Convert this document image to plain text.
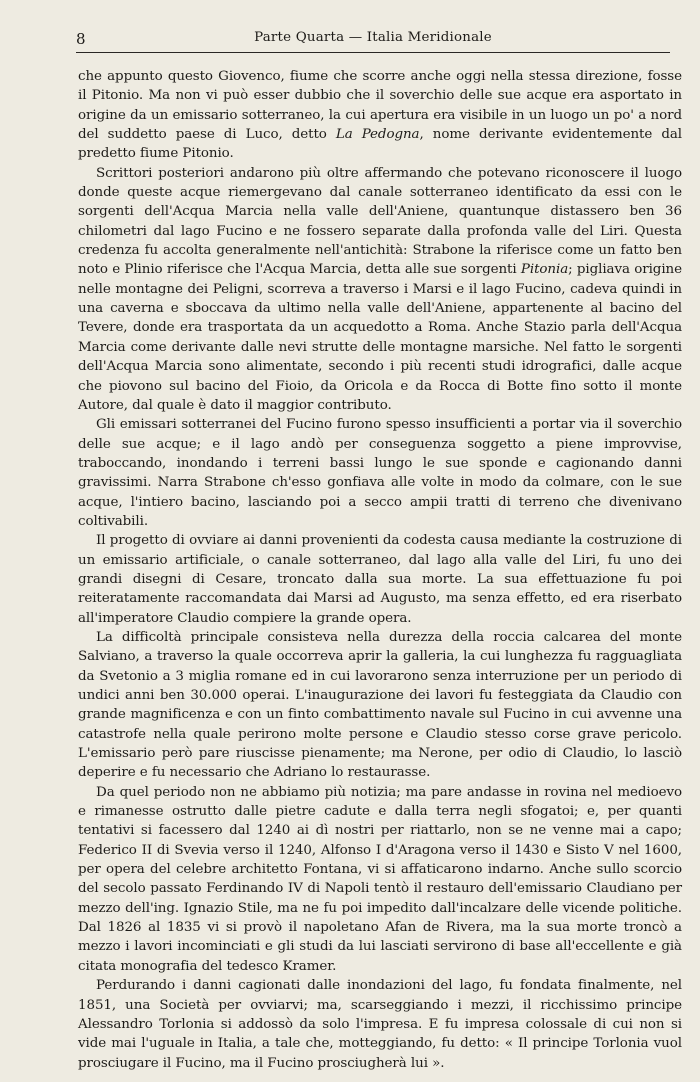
8	Parte Quarta — Italia Meridionale

che appunto questo Giovenco, fiume che scorre anche oggi nella stessa direzione, fosse il Pitonio. Ma non vi può esser dubbio che il soverchio delle sue acque era asportato in origine da un emissario sotterraneo, la cui apertura era visibile in un luogo un po' a nord del suddetto paese di Luco, detto La Pedogna, nome derivante evidentemente dal predetto fiume Pitonio.

Scrittori posteriori andarono più oltre affermando che potevano riconoscere il luogo donde queste acque riemergevano dal canale sotterraneo identificato da essi con le sorgenti dell'Acqua Marcia nella valle dell'Aniene, quantunque distassero ben 36 chilometri dal lago Fucino e ne fossero separate dalla profonda valle del Liri. Questa credenza fu accolta generalmente nell'antichità: Strabone la riferisce come un fatto ben noto e Plinio riferisce che l'Acqua Marcia, detta alle sue sorgenti Pitonia; pigliava origine nelle montagne dei Peligni, scorreva a traverso i Marsi e il lago Fucino, cadeva quindi in una caverna e sboccava da ultimo nella valle dell'Aniene, appartenente al bacino del Tevere, donde era trasportata da un acquedotto a Roma. Anche Stazio parla dell'Acqua Marcia come derivante dalle nevi strutte delle montagne marsiche. Nel fatto le sorgenti dell'Acqua Marcia sono alimentate, secondo i più recenti studi idrografici, dalle acque che piovono sul bacino del Fioio, da Oricola e da Rocca di Botte fino sotto il monte Autore, dal quale è dato il maggior contributo.

Gli emissari sotterranei del Fucino furono spesso insufficienti a portar via il soverchio delle sue acque; e il lago andò per conseguenza soggetto a piene improvvise, traboccando, inondando i terreni bassi lungo le sue sponde e cagionando danni gravissimi. Narra Strabone ch'esso gonfiava alle volte in modo da colmare, con le sue acque, l'intiero bacino, lasciando poi a secco ampii tratti di terreno che divenivano coltivabili.

Il progetto di ovviare ai danni provenienti da codesta causa mediante la costruzione di un emissario artificiale, o canale sotterraneo, dal lago alla valle del Liri, fu uno dei grandi disegni di Cesare, troncato dalla sua morte. La sua effettuazione fu poi reiteratamente raccomandata dai Marsi ad Augusto, ma senza effetto, ed era riserbato all'imperatore Claudio compiere la grande opera.

La difficoltà principale consisteva nella durezza della roccia calcarea del monte Salviano, a traverso la quale occorreva aprir la galleria, la cui lunghezza fu ragguagliata da Svetonio a 3 miglia romane ed in cui lavorarono senza interruzione per un periodo di undici anni ben 30.000 operai. L'inaugurazione dei lavori fu festeggiata da Claudio con grande magnificenza e con un finto combattimento navale sul Fucino in cui avvenne una catastrofe nella quale perirono molte persone e Claudio stesso corse grave pericolo. L'emissario però pare riuscisse pienamente; ma Nerone, per odio di Claudio, lo lasciò deperire e fu necessario che Adriano lo restaurasse.

Da quel periodo non ne abbiamo più notizia; ma pare andasse in rovina nel medioevo e rimanesse ostrutto dalle pietre cadute e dalla terra negli sfogatoi; e, per quanti tentativi si facessero dal 1240 ai dì nostri per riattarlo, non se ne venne mai a capo; Federico II di Svevia verso il 1240, Alfonso I d'Aragona verso il 1430 e Sisto V nel 1600, per opera del celebre architetto Fontana, vi si affaticarono indarno. Anche sullo scorcio del secolo passato Ferdinando IV di Napoli tentò il restauro dell'emissario Claudiano per mezzo dell'ing. Ignazio Stile, ma ne fu poi impedito dall'incalzare delle vicende politiche. Dal 1826 al 1835 vi si provò il napoletano Afan de Rivera, ma la sua morte troncò a mezzo i lavori incominciati e gli studi da lui lasciati servirono di base all'eccellente e già citata monografia del tedesco Kramer.

Perdurando i danni cagionati dalle inondazioni del lago, fu fondata finalmente, nel 1851, una Società per ovviarvi; ma, scarseggiando i mezzi, il ricchissimo principe Alessandro Torlonia si addossò da solo l'impresa. E fu impresa colossale di cui non si vide mai l'uguale in Italia, a tale che, motteggiando, fu detto: « Il principe Torlonia vuol prosciugare il Fucino, ma il Fucino prosciugherà lui ».
